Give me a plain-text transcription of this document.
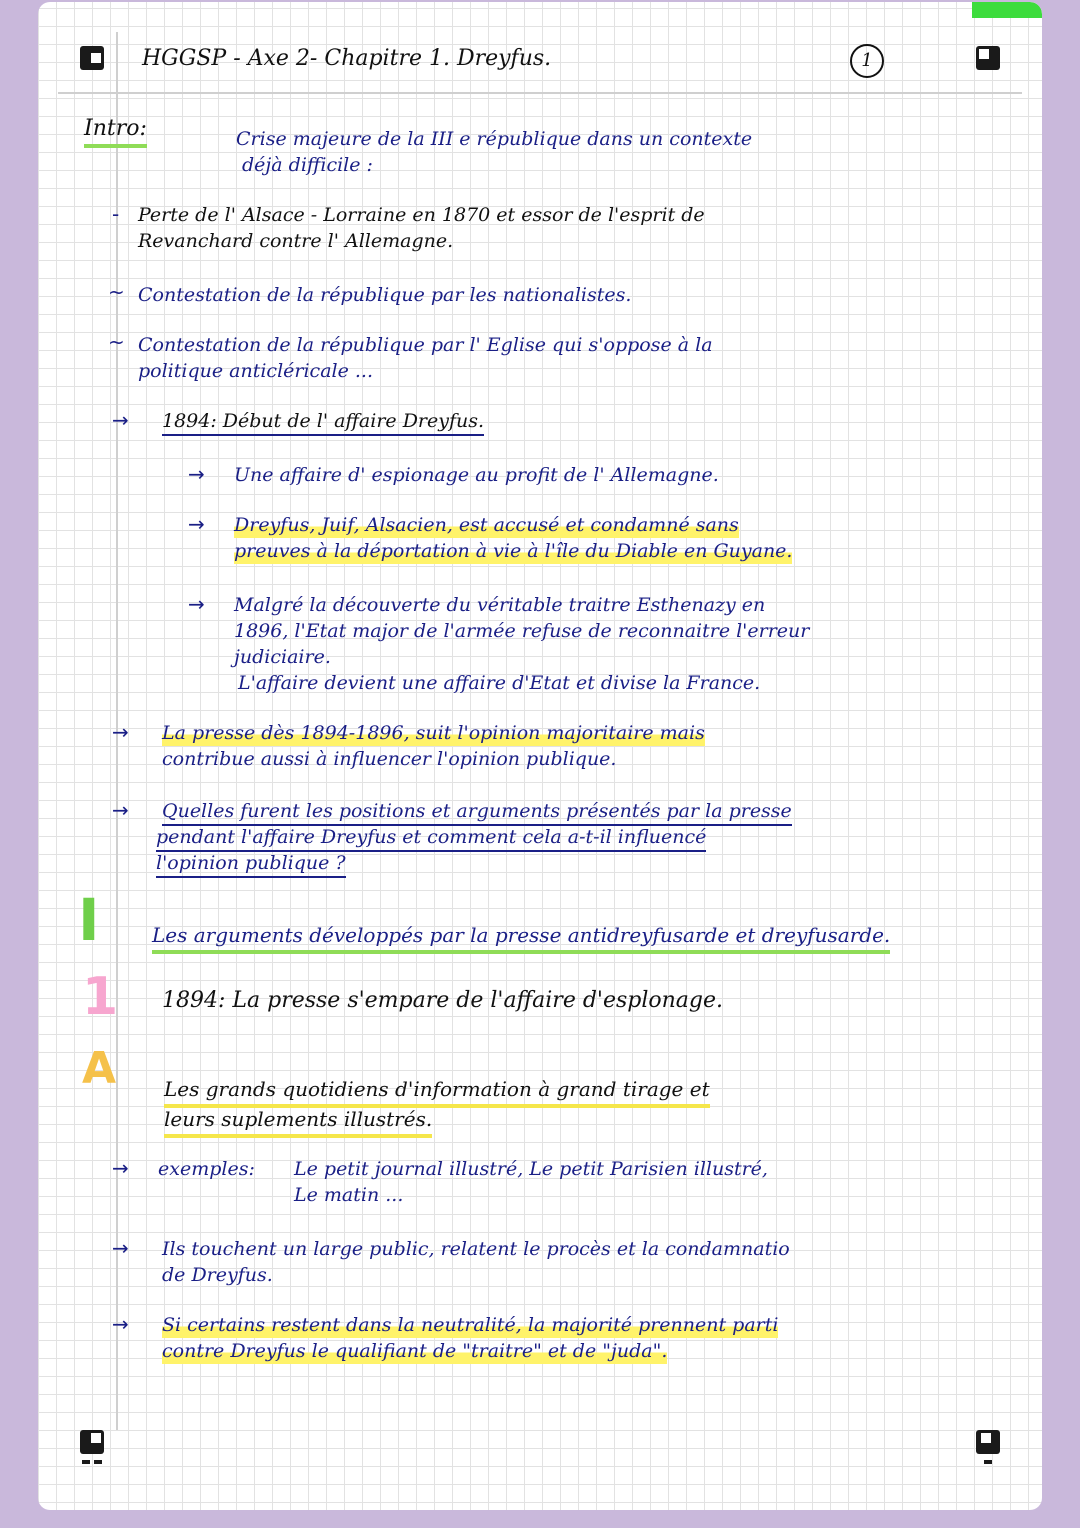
HGGSP - Axe 2- Chapitre 1. Dreyfus.	1

Intro:	Crise majeure de la III e république dans un contexte

déjà difficile :

- Perte de l' Alsace - Lorraine en 1870 et essor de l'esprit de

Revanchard contre l' Allemagne.

~ Contestation de la république par les nationalistes.

~ Contestation de la république par l' Eglise qui s'oppose à la

politique anticléricale ...

→ 1894: Début de l' affaire Dreyfus.

→ Une affaire d' espionage au profit de l' Allemagne.

→ Dreyfus, Juif, Alsacien, est accusé et condamné sans

preuves à la déportation à vie à l'île du Diable en Guyane.

→ Malgré la découverte du véritable traitre Esthenazy en

1896, l'Etat major de l'armée refuse de reconnaitre l'erreur

judiciaire.

L'affaire devient une affaire d'Etat et divise la France.

→ La presse dès 1894-1896, suit l'opinion majoritaire mais

contribue aussi à influencer l'opinion publique.

→ Quelles furent les positions et arguments présentés par la presse

pendant l'affaire Dreyfus et comment cela a-t-il influencé

l'opinion publique ?

I	Les arguments développés par la presse antidreyfusarde et dreyfusarde.

1 1894: La presse s'empare de l'affaire d'esplonage.

A Les grands quotidiens d'information à grand tirage et

leurs suplements illustrés.

→ exemples: Le petit journal illustré, Le petit Parisien illustré,

Le matin ...

→ Ils touchent un large public, relatent le procès et la condamnatio

de Dreyfus.

→ Si certains restent dans la neutralité, la majorité prennent parti

contre Dreyfus le qualifiant de "traitre" et de "juda".
